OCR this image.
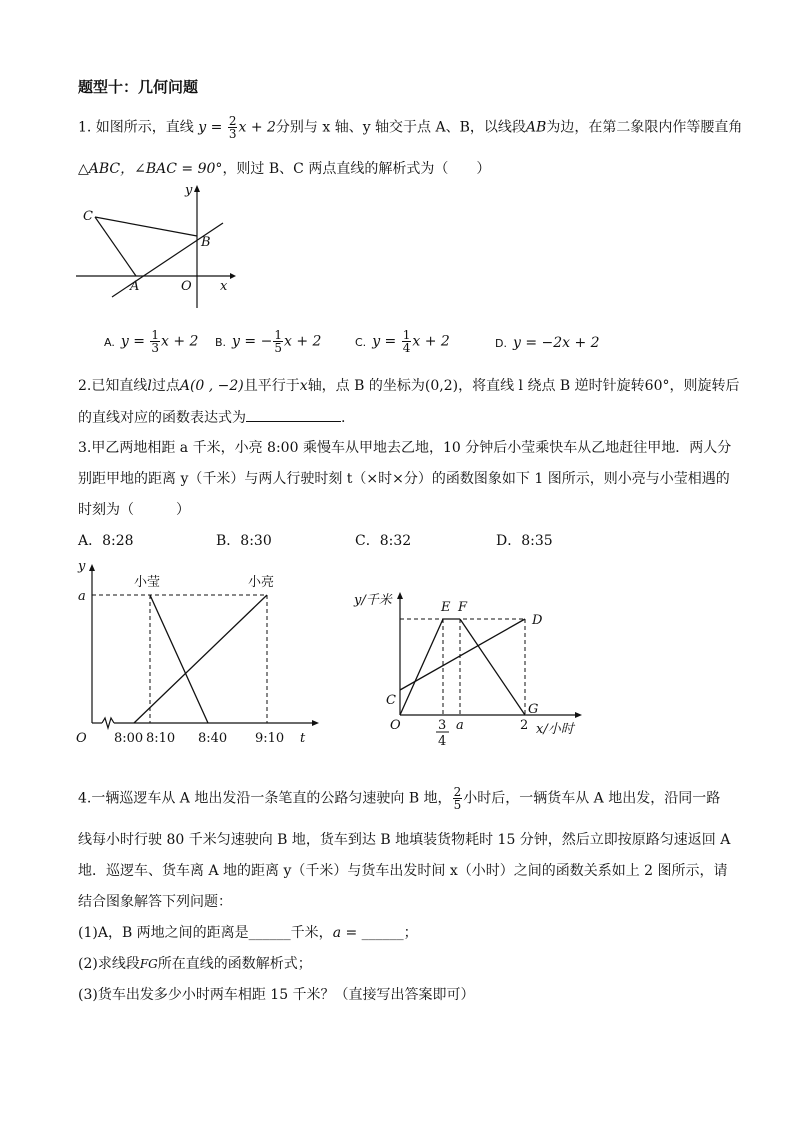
题型十：几何问题
1. 如图所示，直线 $y = \frac{2}{3}$ x + 2分别与 x 轴、y 轴交于点 A、B，以线段AB为边，在第二象限内作等腰直角
△ABC，∠BAC = 90°，则过 B、C 两点直线的解析式为（　　）
C
y
B
A	O x
A. $y = \frac{1}{3}$ x + 2 B. y = − $\frac{1}{5}$ x + 2	C. $y = \frac{1}{4}$ x + 2	D. y = −2x + 2
2.已知直线l过点A(0 , −2)且平行于x轴，点 B 的坐标为(0,2)，将直线 l 绕点 B 逆时针旋转60°，则旋转后
的直线对应的函数表达式为	.
3.甲乙两地相距 a 千米，小亮 8:00 乘慢车从甲地去乙地，10 分钟后小莹乘快车从乙地赶往甲地．两人分
别距甲地的距离 y（千米）与两人行驶时刻 t（×时×分）的函数图象如下 1 图所示，则小亮与小莹相遇的
时刻为（　　　）
A．8:28	B．8:30	C．8:32	D．8:35
y
a
小莹	小亮
O 8:00 8:10 8:40 9:10 t
y/千米	E F
D
C
G
O	3
4
a	2 x/小时
4.一辆巡逻车从 A 地出发沿一条笔直的公路匀速驶向 B 地， $\frac{2}{5}$ 小时后，一辆货车从 A 地出发，沿同一路
线每小时行驶 80 千米匀速驶向 B 地，货车到达 B 地填装货物耗时 15 分钟，然后立即按原路匀速返回 A
地．巡逻车、货车离 A 地的距离 y（千米）与货车出发时间 x（小时）之间的函数关系如上 2 图所示，请
结合图象解答下列问题：
(1)A，B 两地之间的距离是______千米，a = ______；
(2)求线段FG所在直线的函数解析式；
(3)货车出发多少小时两车相距 15 千米？（直接写出答案即可）
